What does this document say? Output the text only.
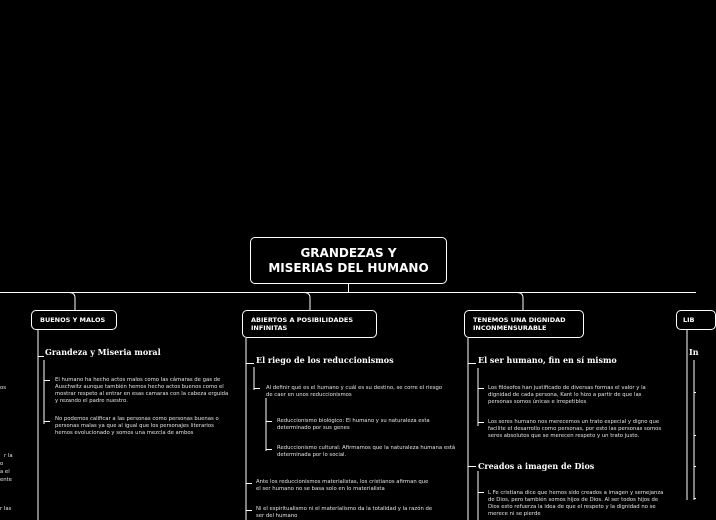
GRANDEZAS Y
MISERIAS DEL HUMANO
BUENOS Y MALOS
Grandeza y Miseria moral
El humano ha hecho actos malos como las cámaras de gas de Auschwitz aunque también hemos hecho actos buenos como el mostrar respeto al entrar en esas camaras con la cabeza erguida y rezando el padre nuestro.
No podemos calificar a las personas como personas buenas o personas malas ya que al igual que los personajes literarios hemos evolucionado y somos una mezcla de ambos
os
r la
o
a el
ente
r las
ABIERTOS A POSIBILIDADES
INFINITAS
El riego de los reduccionismos
Al definir qué es el humano y cuál es su destino, se corre el riesgo de caer en unos reduccionismos
Reduccionismo biológico: El humano y su naturaleza esta determinado por sus genes
Reduccionismo cultural: Afirmamos que la naturaleza humana está determinada por lo social.
Ante los reduccionismos materialistas, los cristianos afirman que el ser humano no se basa solo en lo materialista
Ni el espiritualismo ni el materialismo da la totalidad y la razón de ser del humano
TENEMOS UNA DIGNIDAD
INCONMENSURABLE
El ser humano, fin en sí mismo
Los filósofos han justificado de diversas formas el valor y la dignidad de cada persona, Kant lo hizo a partir de que las personas somos únicas e irrepetibles
Los seres humano nos merecemos un trato especial y digno que facilite el desarrollo como personas, por esto las personas somos seres absolutos que se merecen respeto y un trato justo.
Creados a imagen de Dios
L Fe cristiana dice que hemos sido creados a imagen y semejanza de Dios, pero también somos hijos de Dios. Al ser todos hijos de Dios esto refuerza la idea de que el respeto y la dignidad no se merece ni se pierde
LIB
In
